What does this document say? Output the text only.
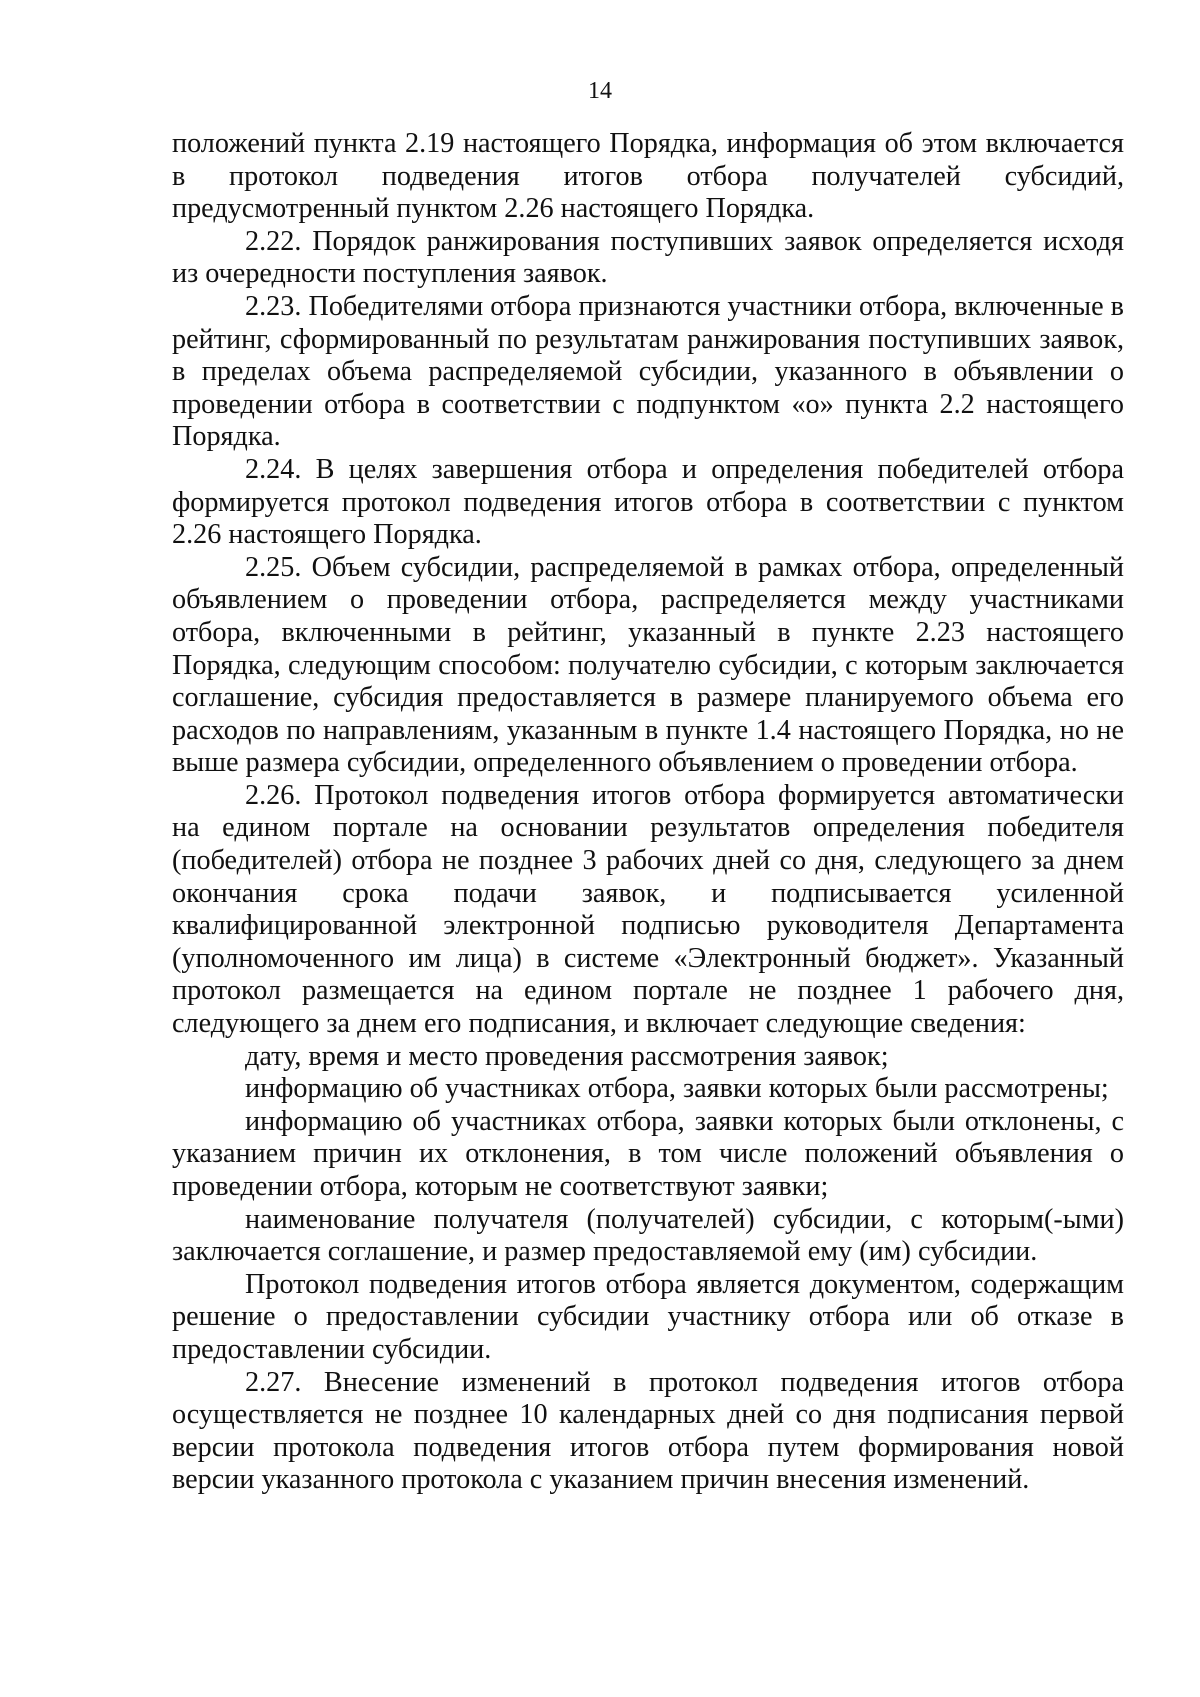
14

положений пункта 2.19 настоящего Порядка, информация об этом включается в протокол подведения итогов отбора получателей субсидий, предусмотренный пунктом 2.26 настоящего Порядка.

2.22. Порядок ранжирования поступивших заявок определяется исходя из очередности поступления заявок.

2.23. Победителями отбора признаются участники отбора, включенные в рейтинг, сформированный по результатам ранжирования поступивших заявок, в пределах объема распределяемой субсидии, указанного в объявлении о проведении отбора в соответствии с подпунктом «о» пункта 2.2 настоящего Порядка.

2.24. В целях завершения отбора и определения победителей отбора формируется протокол подведения итогов отбора в соответствии с пунктом 2.26 настоящего Порядка.

2.25. Объем субсидии, распределяемой в рамках отбора, определенный объявлением о проведении отбора, распределяется между участниками отбора, включенными в рейтинг, указанный в пункте 2.23 настоящего Порядка, следующим способом: получателю субсидии, с которым заключается соглашение, субсидия предоставляется в размере планируемого объема его расходов по направлениям, указанным в пункте 1.4 настоящего Порядка, но не выше размера субсидии, определенного объявлением о проведении отбора.

2.26. Протокол подведения итогов отбора формируется автоматически на едином портале на основании результатов определения победителя (победителей) отбора не позднее 3 рабочих дней со дня, следующего за днем окончания срока подачи заявок, и подписывается усиленной квалифицированной электронной подписью руководителя Департамента (уполномоченного им лица) в системе «Электронный бюджет». Указанный протокол размещается на едином портале не позднее 1 рабочего дня, следующего за днем его подписания, и включает следующие сведения:

дату, время и место проведения рассмотрения заявок;

информацию об участниках отбора, заявки которых были рассмотрены;

информацию об участниках отбора, заявки которых были отклонены, с указанием причин их отклонения, в том числе положений объявления о проведении отбора, которым не соответствуют заявки;

наименование получателя (получателей) субсидии, с которым(-ыми) заключается соглашение, и размер предоставляемой ему (им) субсидии.

Протокол подведения итогов отбора является документом, содержащим решение о предоставлении субсидии участнику отбора или об отказе в предоставлении субсидии.

2.27. Внесение изменений в протокол подведения итогов отбора осуществляется не позднее 10 календарных дней со дня подписания первой версии протокола подведения итогов отбора путем формирования новой версии указанного протокола с указанием причин внесения изменений.
